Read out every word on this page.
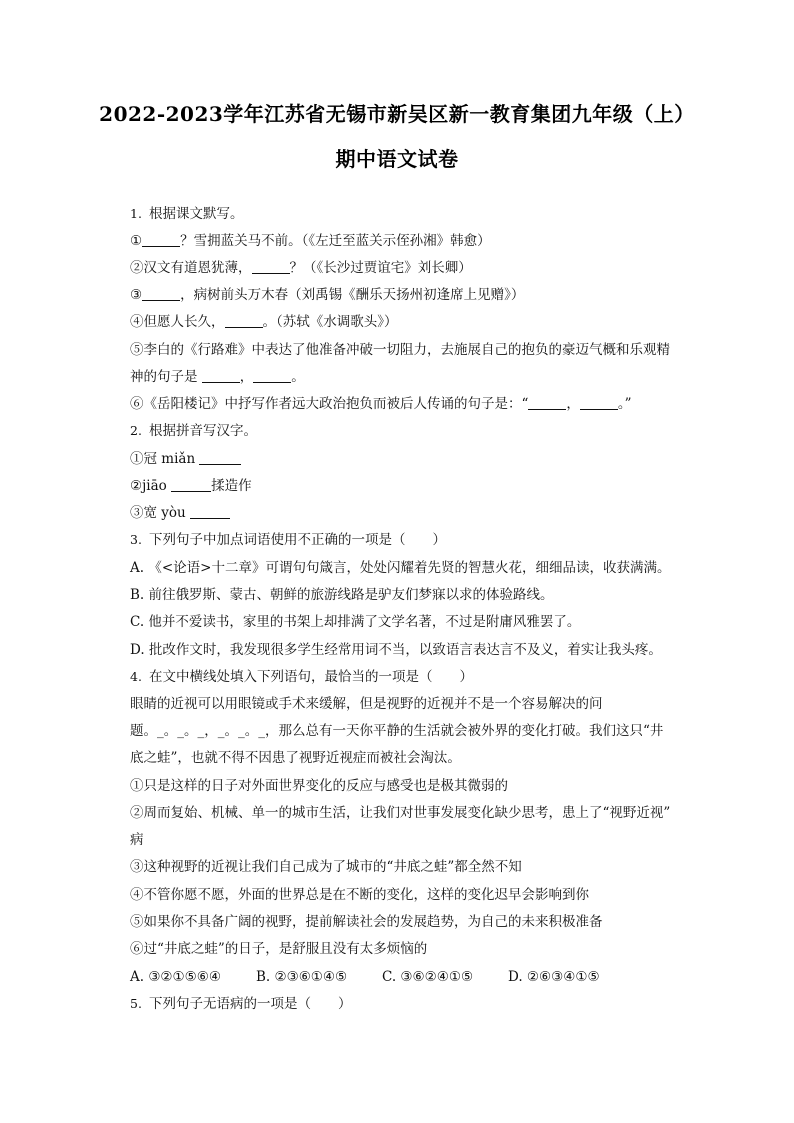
2022-2023学年江苏省无锡市新吴区新一教育集团九年级（上）
期中语文试卷
1. 根据课文默写。
①	？雪拥蓝关马不前。（《左迁至蓝关示侄孙湘》韩愈）
②汉文有道恩犹薄，	？（《长沙过贾谊宅》刘长卿）
③	，病树前头万木春（刘禹锡《酬乐天扬州初逢席上见赠》）
④但愿人长久，	。（苏轼《水调歌头》）
⑤李白的《行路难》中表达了他准备冲破一切阻力，去施展自己的抱负的豪迈气概和乐观精
神的句子是	，	。
⑥《岳阳楼记》中抒写作者远大政治抱负而被后人传诵的句子是：“	，	。”
2. 根据拼音写汉字。
①冠 miǎn
②jiāo	揉造作
③宽 yòu
3. 下列句子中加点词语使用不正确的一项是（　　）
A. 《<论语>十二章》可谓句句箴言，处处闪耀着先贤的智慧火花，细细品读，收获满满。
B. 前往俄罗斯、蒙古、朝鲜的旅游线路是驴友们梦寐以求的体验路线。
C. 他并不爱读书，家里的书架上却排满了文学名著，不过是附庸风雅罢了。
D. 批改作文时，我发现很多学生经常用词不当，以致语言表达言不及义，着实让我头疼。
4. 在文中横线处填入下列语句，最恰当的一项是（　　）
眼睛的近视可以用眼镜或手术来缓解，但是视野的近视并不是一个容易解决的问
题。_。_。_，_。_。_，那么总有一天你平静的生活就会被外界的变化打破。我们这只“井
底之蛙”，也就不得不因患了视野近视症而被社会淘汰。
①只是这样的日子对外面世界变化的反应与感受也是极其微弱的
②周而复始、机械、单一的城市生活，让我们对世事发展变化缺少思考，患上了“视野近视”
病
③这种视野的近视让我们自己成为了城市的“井底之蛙”都全然不知
④不管你愿不愿，外面的世界总是在不断的变化，这样的变化迟早会影响到你
⑤如果你不具备广阔的视野，提前解读社会的发展趋势，为自己的未来积极准备
⑥过“井底之蛙”的日子，是舒服且没有太多烦恼的
A. ③②①⑤⑥④	B. ②③⑥①④⑤	C. ③⑥②④①⑤	D. ②⑥③④①⑤
5. 下列句子无语病的一项是（　　）
